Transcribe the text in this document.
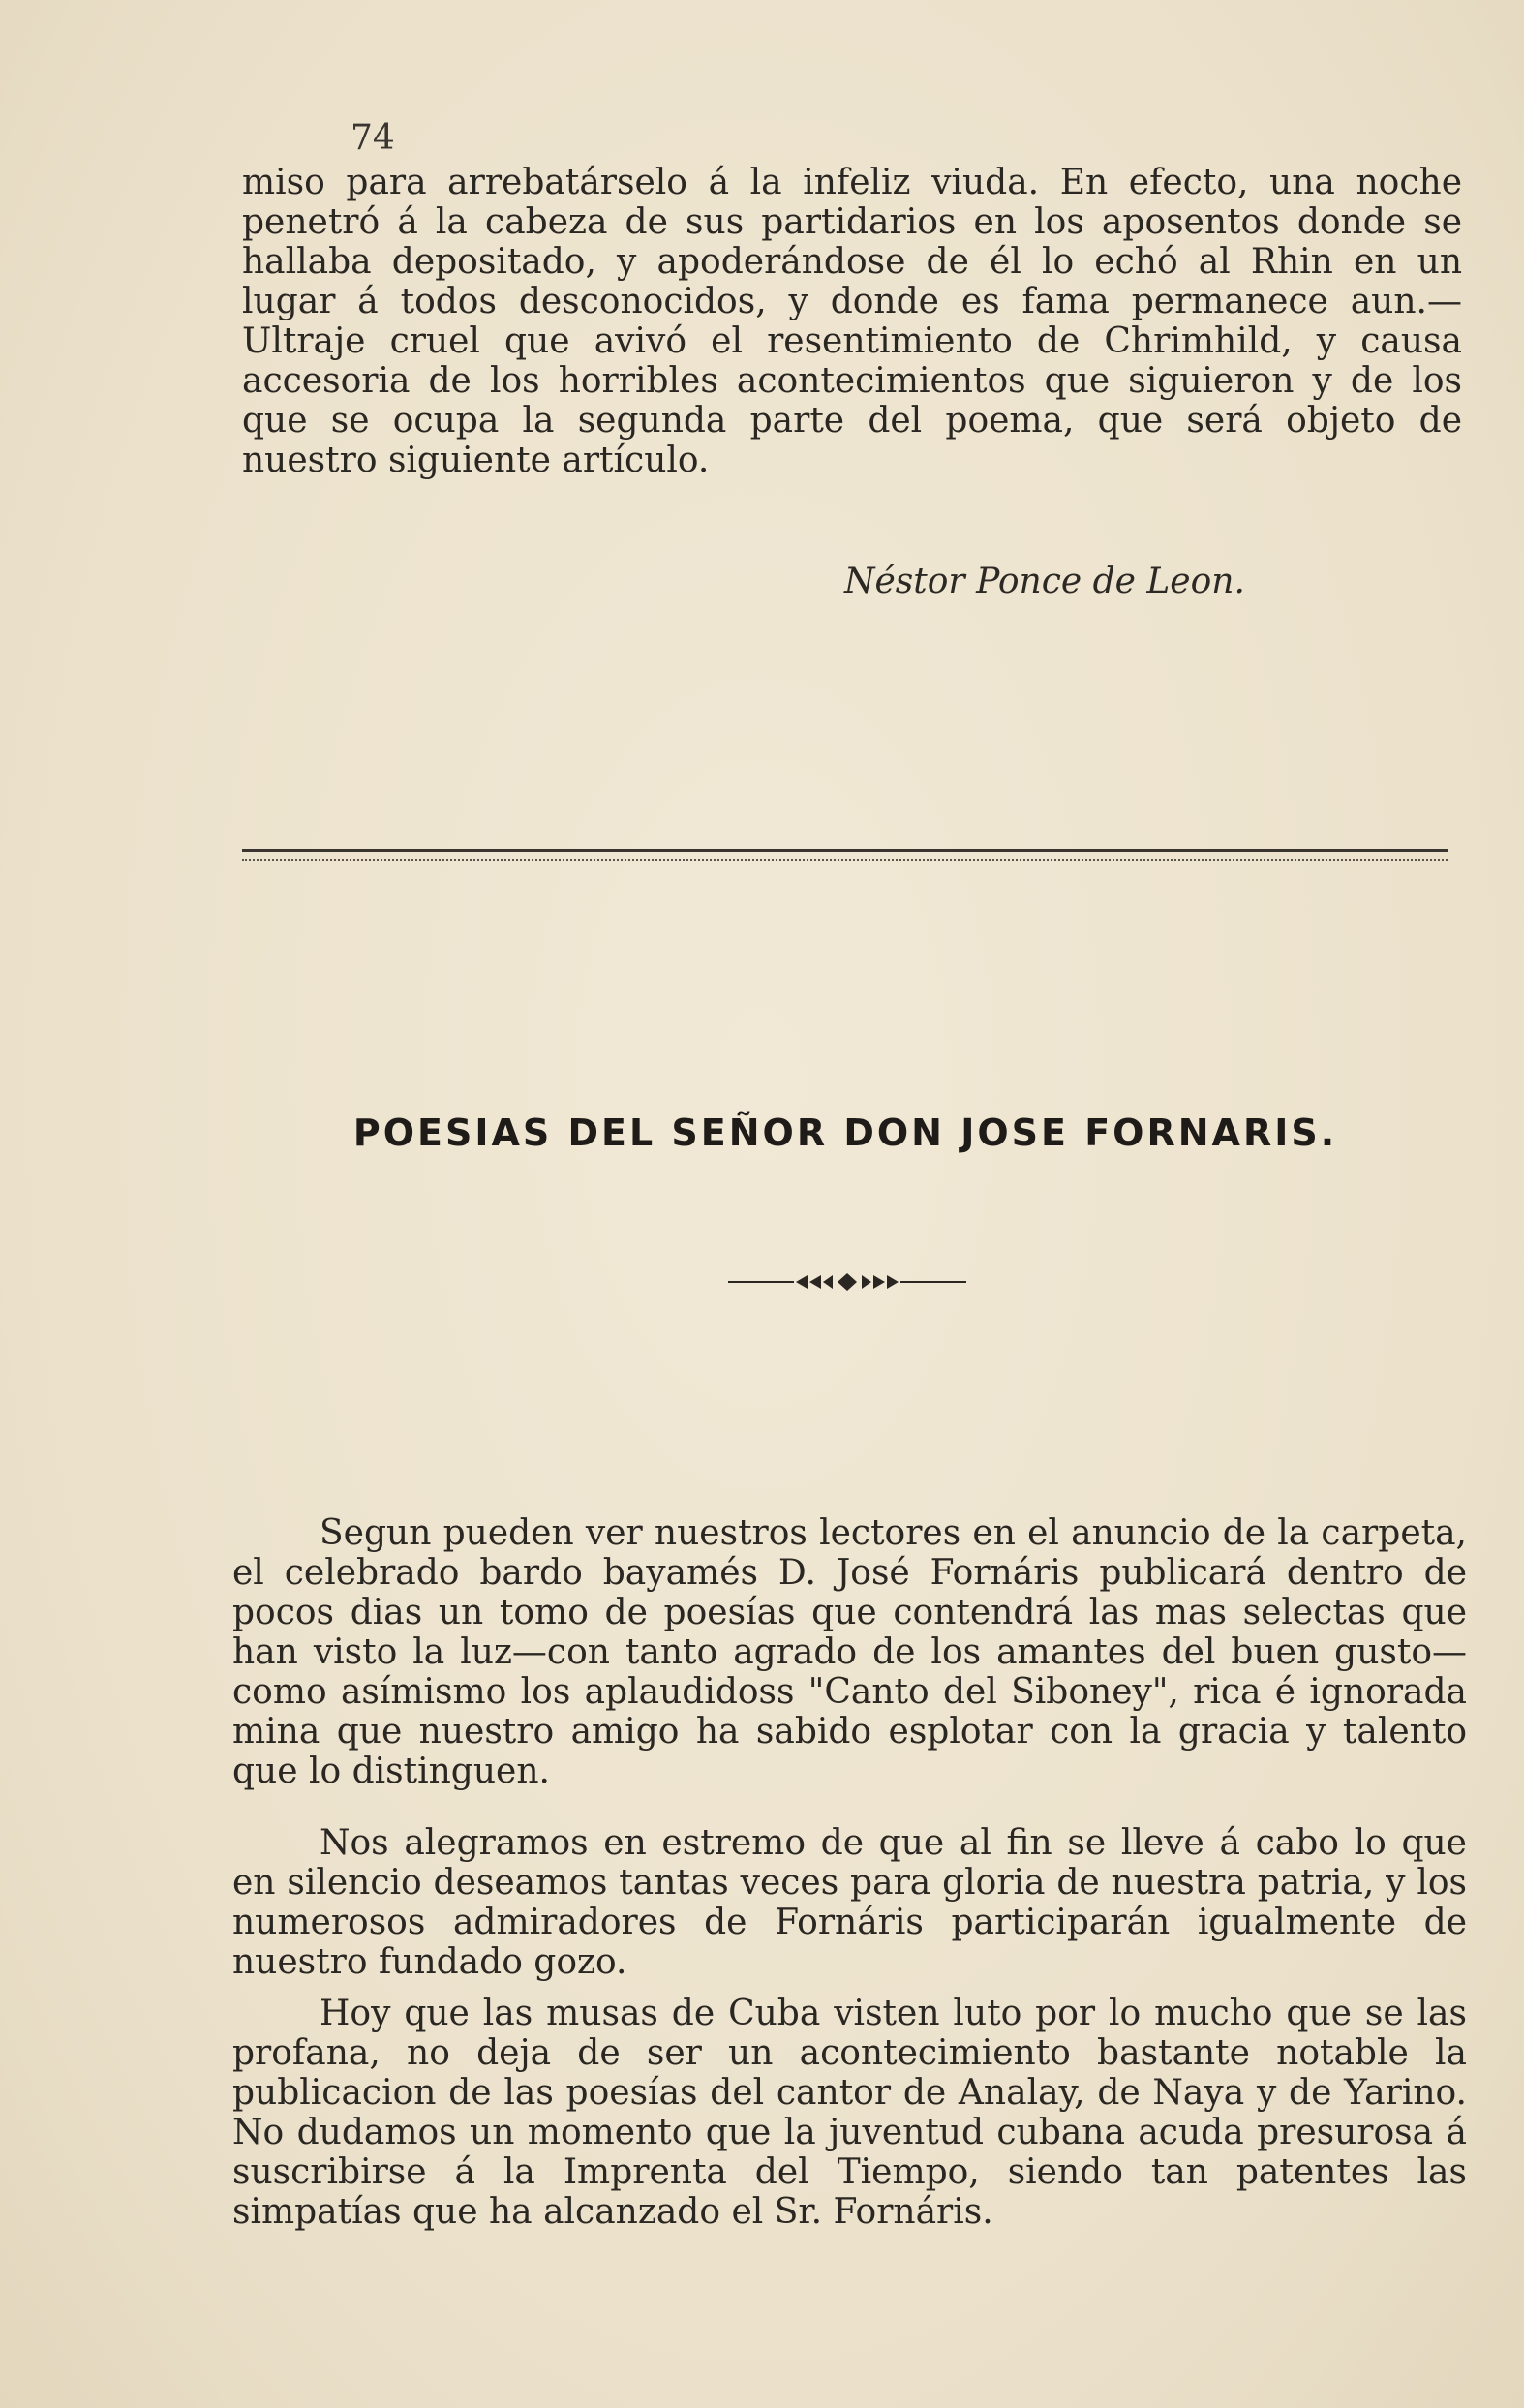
74

miso para arrebatárselo á la infeliz viuda. En efecto, una noche penetró á la cabeza de sus partidarios en los aposentos donde se hallaba depositado, y apoderándose de él lo echó al Rhin en un lugar á todos desconocidos, y donde es fama permanece aun.—Ultraje cruel que avivó el resentimiento de Chrimhild, y causa accesoria de los horribles acontecimientos que siguieron y de los que se ocupa la segunda parte del poema, que será objeto de nuestro siguiente artículo.

Néstor Ponce de Leon.
POESIAS DEL SEÑOR DON JOSE FORNARIS.

Segun pueden ver nuestros lectores en el anuncio de la carpeta, el celebrado bardo bayamés D. José Fornáris publicará dentro de pocos dias un tomo de poesías que contendrá las mas selectas que han visto la luz—con tanto agrado de los amantes del buen gusto—como asímismo los aplaudidoss "Canto del Siboney", rica é ignorada mina que nuestro amigo ha sabido esplotar con la gracia y talento que lo distinguen.

Nos alegramos en estremo de que al fin se lleve á cabo lo que en silencio deseamos tantas veces para gloria de nuestra patria, y los numerosos admiradores de Fornáris participarán igualmente de nuestro fundado gozo.

Hoy que las musas de Cuba visten luto por lo mucho que se las profana, no deja de ser un acontecimiento bastante notable la publicacion de las poesías del cantor de Analay, de Naya y de Yarino. No dudamos un momento que la juventud cubana acuda presurosa á suscribirse á la Imprenta del Tiempo, siendo tan patentes las simpatías que ha alcanzado el Sr. Fornáris.
